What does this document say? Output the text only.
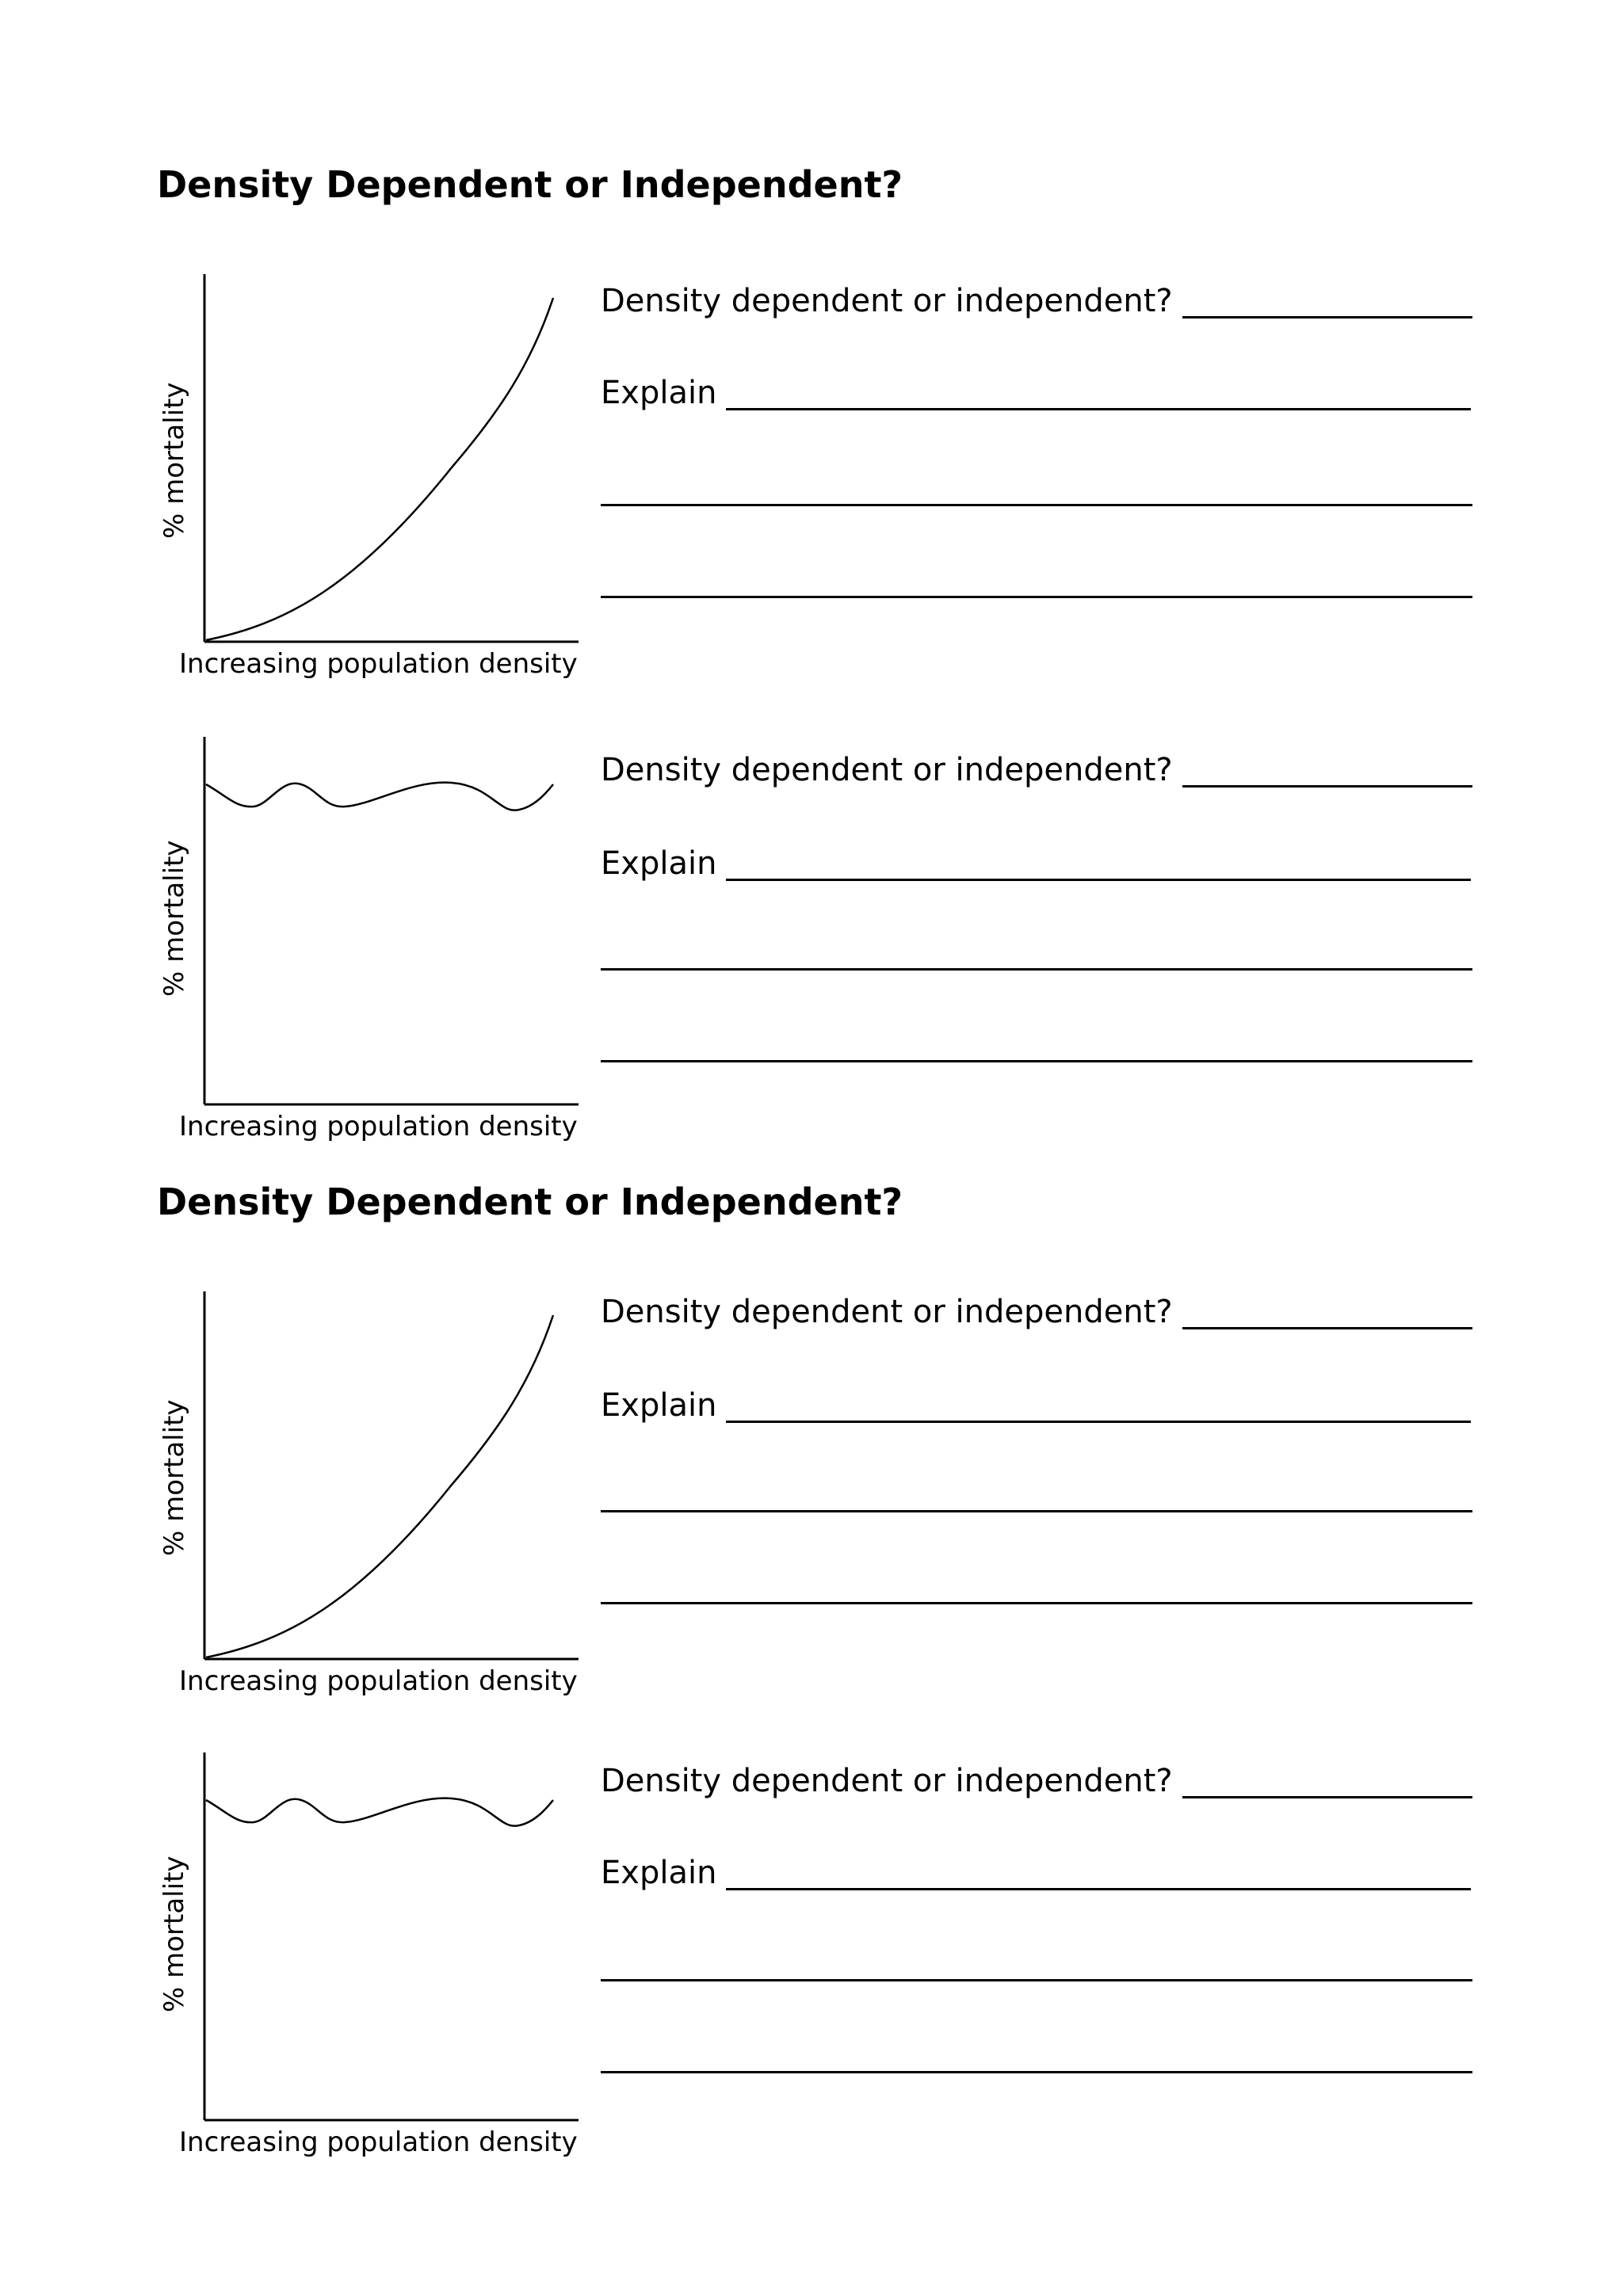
Density Dependent or Independent?
% mortality
Increasing population density
Density dependent or independent?
Explain
% mortality
Increasing population density
Density dependent or independent?
Explain
Density Dependent or Independent?
% mortality
Increasing population density
Density dependent or independent?
Explain
% mortality
Increasing population density
Density dependent or independent?
Explain
